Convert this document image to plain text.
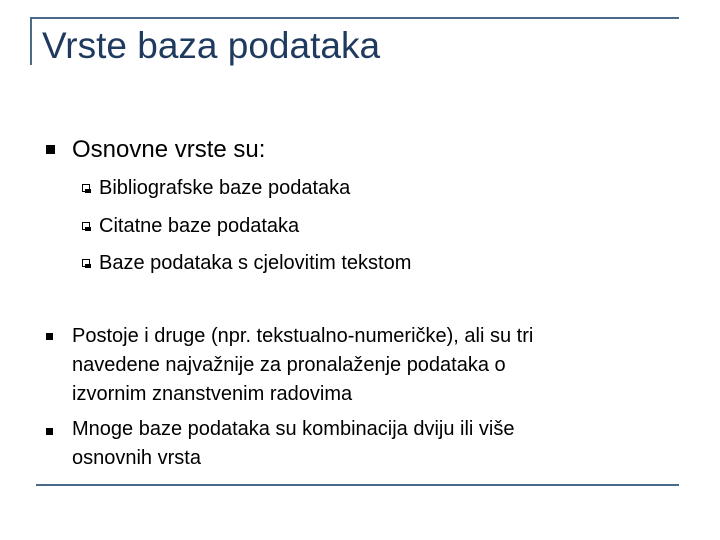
Vrste baza podataka

Osnovne vrste su:

Bibliografske baze podataka

Citatne baze podataka

Baze podataka s cjelovitim tekstom

Postoje i druge (npr. tekstualno-numeričke), ali su tri
navedene najvažnije za pronalaženje podataka o
izvornim znanstvenim radovima
Mnoge baze podataka su kombinacija dviju ili više
osnovnih vrsta
